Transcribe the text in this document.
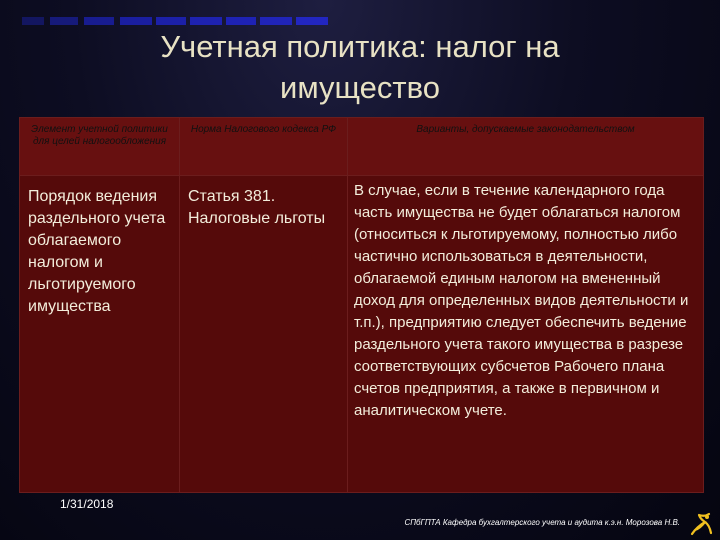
Учетная политика: налог на
имущество
Элемент учетной политики для целей налогообложения	Норма Налогового кодекса РФ	Варианты, допускаемые законодательством
Порядок ведения раздельного учета облагаемого налогом и льготируемого имущества	Статья 381. Налоговые льготы	В случае, если в течение календарного года часть имущества не будет облагаться налогом (относиться к льготируемому, полностью либо частично использоваться в деятельности, облагаемой единым налогом на вмененный доход для определенных видов деятельности и т.п.), предприятию следует обеспечить ведение раздельного учета такого имущества в разрезе соответствующих субсчетов Рабочего плана счетов предприятия, а также в первичном и аналитическом учете.
1/31/2018
СПбГПТА Кафедра бухгалтерского учета и аудита к.э.н. Морозова Н.В.
